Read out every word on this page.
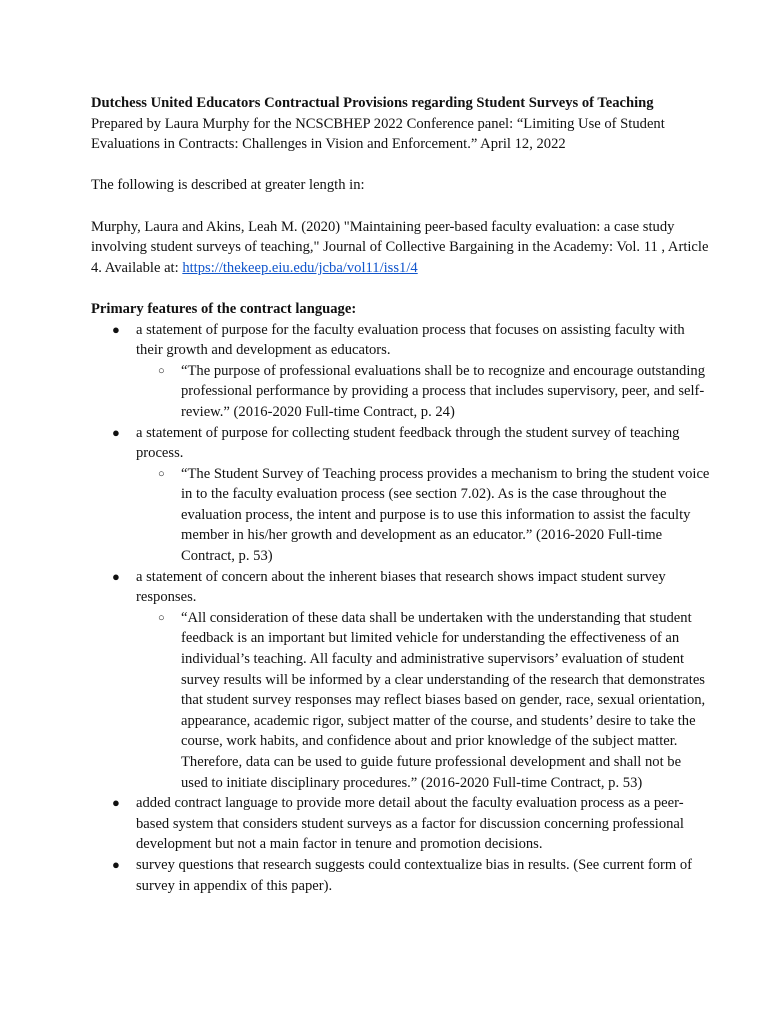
Dutchess United Educators Contractual Provisions regarding Student Surveys of Teaching

Prepared by Laura Murphy for the NCSCBHEP 2022 Conference panel: “Limiting Use of Student Evaluations in Contracts: Challenges in Vision and Enforcement.” April 12, 2022

The following is described at greater length in:

Murphy, Laura and Akins, Leah M. (2020) "Maintaining peer-based faculty evaluation: a case study involving student surveys of teaching," Journal of Collective Bargaining in the Academy: Vol. 11 , Article 4. Available at: https://thekeep.eiu.edu/jcba/vol11/iss1/4

Primary features of the contract language:

●	a statement of purpose for the faculty evaluation process that focuses on assisting faculty with their growth and development as educators.
○ “The purpose of professional evaluations shall be to recognize and encourage outstanding professional performance by providing a process that includes supervisory, peer, and self-review.” (2016-2020 Full-time Contract, p. 24)
●	a statement of purpose for collecting student feedback through the student survey of teaching process.
○ “The Student Survey of Teaching process provides a mechanism to bring the student voice in to the faculty evaluation process (see section 7.02). As is the case throughout the evaluation process, the intent and purpose is to use this information to assist the faculty member in his/her growth and development as an educator.” (2016-2020 Full-time Contract, p. 53)
●	a statement of concern about the inherent biases that research shows impact student survey responses.
○ “All consideration of these data shall be undertaken with the understanding that student feedback is an important but limited vehicle for understanding the effectiveness of an individual’s teaching. All faculty and administrative supervisors’ evaluation of student survey results will be informed by a clear understanding of the research that demonstrates that student survey responses may reflect biases based on gender, race, sexual orientation, appearance, academic rigor, subject matter of the course, and students’ desire to take the course, work habits, and confidence about and prior knowledge of the subject matter. Therefore, data can be used to guide future professional development and shall not be used to initiate disciplinary procedures.” (2016-2020 Full-time Contract, p. 53)
●	added contract language to provide more detail about the faculty evaluation process as a peer-based system that considers student surveys as a factor for discussion concerning professional development but not a main factor in tenure and promotion decisions.
●	survey questions that research suggests could contextualize bias in results. (See current form of survey in appendix of this paper).
